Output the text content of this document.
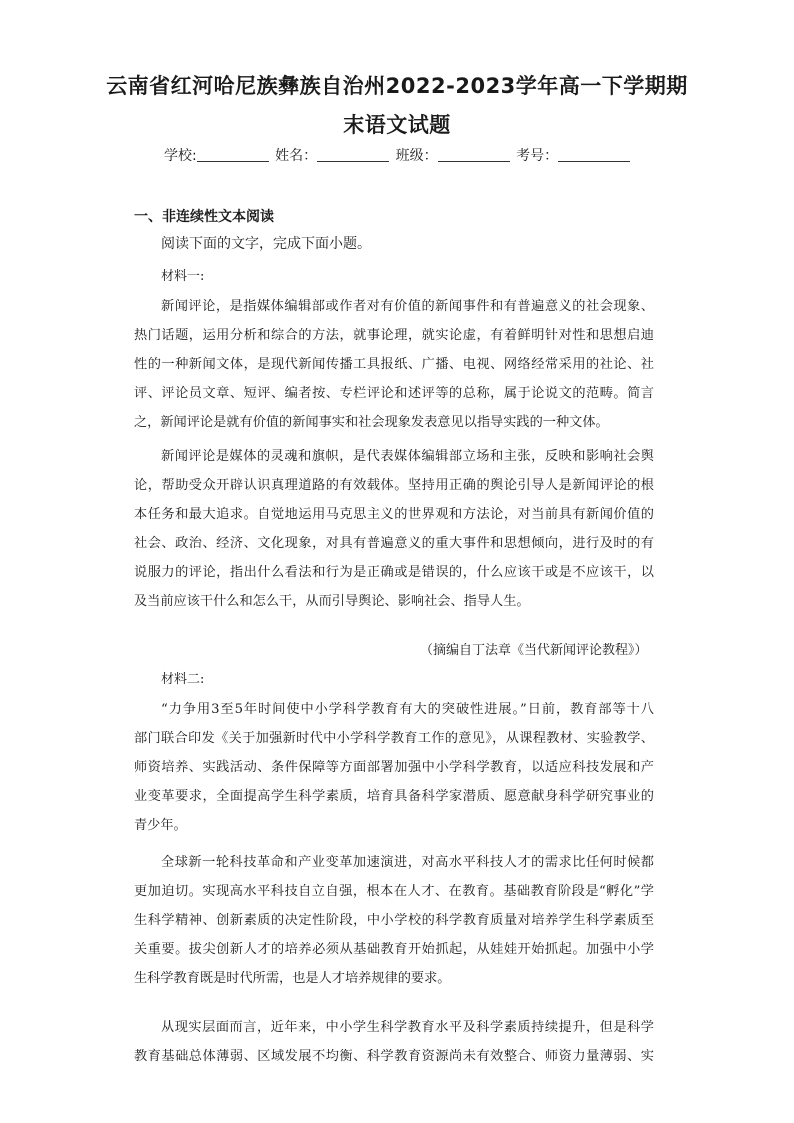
云南省红河哈尼族彝族自治州2022-2023学年高一下学期期
末语文试题
学校:	姓名：	班级：	考号：
一、非连续性文本阅读
阅读下面的文字，完成下面小题。
材料一:
新闻评论，是指媒体编辑部或作者对有价值的新闻事件和有普遍意义的社会现象、
热门话题，运用分析和综合的方法，就事论理，就实论虚，有着鲜明针对性和思想启迪
性的一种新闻文体，是现代新闻传播工具报纸、广播、电视、网络经常采用的社论、社
评、评论员文章、短评、编者按、专栏评论和述评等的总称，属于论说文的范畴。简言
之，新闻评论是就有价值的新闻事实和社会现象发表意见以指导实践的一种文体。
新闻评论是媒体的灵魂和旗帜，是代表媒体编辑部立场和主张，反映和影响社会舆
论，帮助受众开辟认识真理道路的有效载体。坚持用正确的舆论引导人是新闻评论的根
本任务和最大追求。自觉地运用马克思主义的世界观和方法论，对当前具有新闻价值的
社会、政治、经济、文化现象，对具有普遍意义的重大事件和思想倾向，进行及时的有
说服力的评论，指出什么看法和行为是正确或是错误的，什么应该干或是不应该干，以
及当前应该干什么和怎么干，从而引导舆论、影响社会、指导人生。
（摘编自丁法章《当代新闻评论教程》）
材料二:
“力争用3至5年时间使中小学科学教育有大的突破性进展。”日前，教育部等十八
部门联合印发《关于加强新时代中小学科学教育工作的意见》，从课程教材、实验教学、
师资培养、实践活动、条件保障等方面部署加强中小学科学教育，以适应科技发展和产
业变革要求，全面提高学生科学素质，培育具备科学家潜质、愿意献身科学研究事业的
青少年。
全球新一轮科技革命和产业变革加速演进，对高水平科技人才的需求比任何时候都
更加迫切。实现高水平科技自立自强，根本在人才、在教育。基础教育阶段是“孵化”学
生科学精神、创新素质的决定性阶段，中小学校的科学教育质量对培养学生科学素质至
关重要。拔尖创新人才的培养必须从基础教育开始抓起，从娃娃开始抓起。加强中小学
生科学教育既是时代所需，也是人才培养规律的要求。
从现实层面而言，近年来，中小学生科学教育水平及科学素质持续提升，但是科学
教育基础总体薄弱、区域发展不均衡、科学教育资源尚未有效整合、师资力量薄弱、实
